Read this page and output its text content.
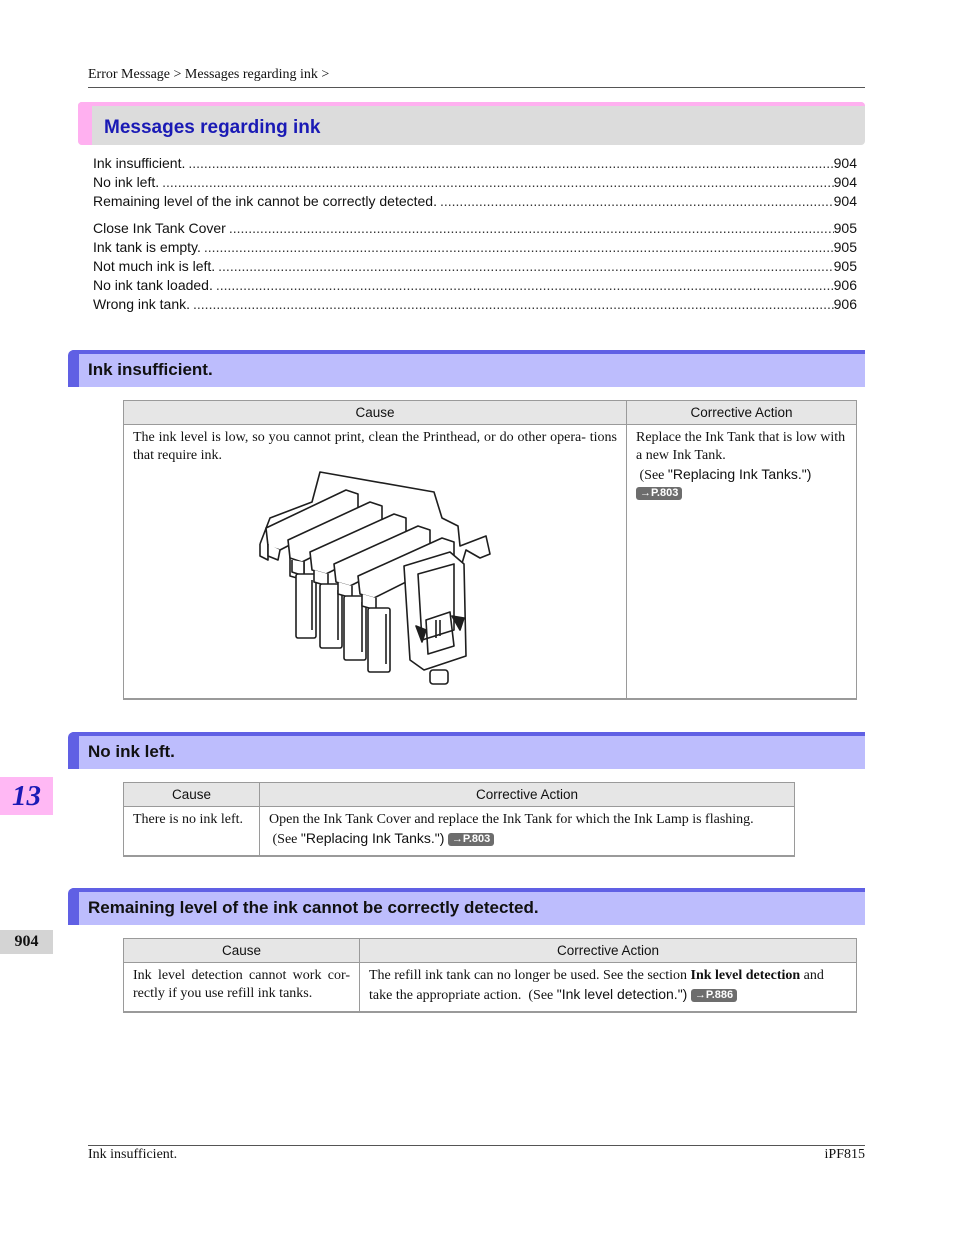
Error Message > Messages regarding ink >
Messages regarding ink
Ink insufficient. .....	904
No ink left. .....	904
Remaining level of the ink cannot be correctly detected. .....	904
Close Ink Tank Cover .....	905
Ink tank is empty. .....	905
Not much ink is left. .....	905
No ink tank loaded. .....	906
Wrong ink tank. .....	906
Ink insufficient.
Cause	Corrective Action

The ink level is low, so you cannot print, clean the Printhead, or do other opera- tions that require ink.	Replace the Ink Tank that is low with a new Ink Tank.
(See "Replacing Ink Tanks.")
→P.803
No ink left.
Cause	Corrective Action
There is no ink left.	Open the Ink Tank Cover and replace the Ink Tank for which the Ink Lamp is flashing.
(See "Replacing Ink Tanks.") →P.803
Remaining level of the ink cannot be correctly detected.
Cause	Corrective Action

Ink level detection cannot work cor- rectly if you use refill ink tanks.	The refill ink tank can no longer be used. See the section Ink level detection and take the appropriate action. (See "Ink level detection.") →P.886
13
904
Ink insufficient.	iPF815
